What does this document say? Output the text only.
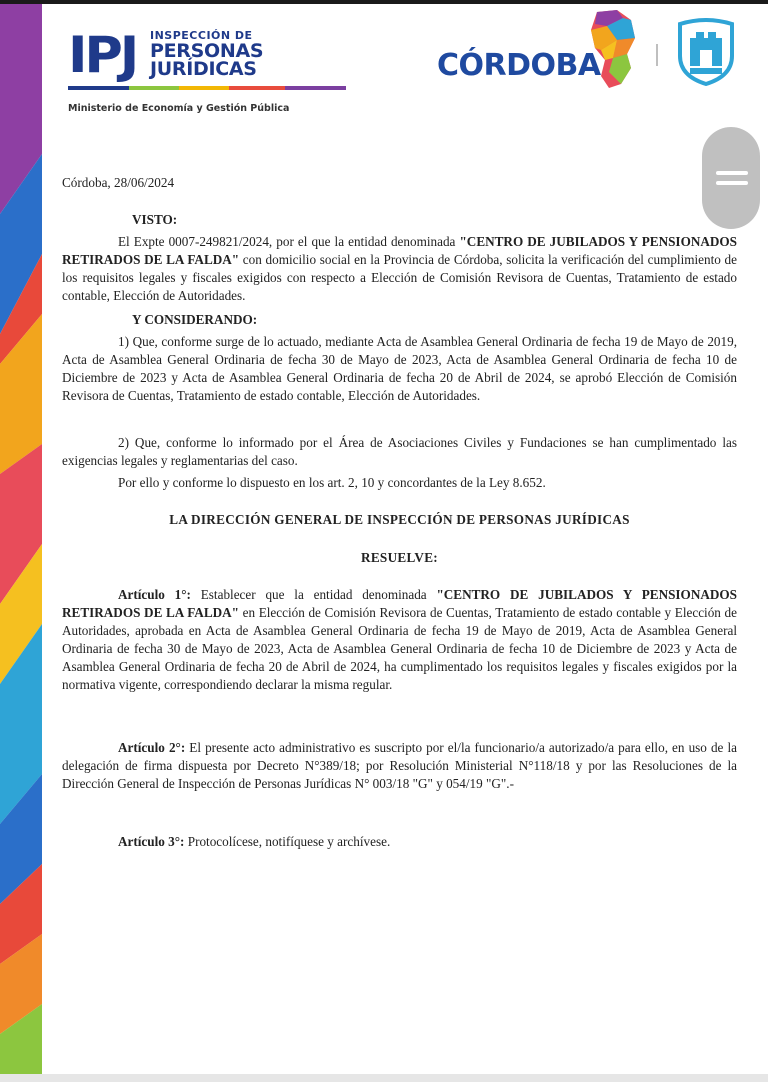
IPJ INSPECCIÓN DE
PERSONAS
JURÍDICAS
Ministerio de Economía y Gestión Pública
CÓRDOBA
Córdoba, 28/06/2024
VISTO:
El Expte 0007-249821/2024, por el que la entidad denominada "CENTRO DE JUBILADOS Y PENSIONADOS RETIRADOS DE LA FALDA" con domicilio social en la Provincia de Córdoba, solicita la verificación del cumplimiento de los requisitos legales y fiscales exigidos con respecto a Elección de Comisión Revisora de Cuentas, Tratamiento de estado contable, Elección de Autoridades.
Y CONSIDERANDO:
1) Que, conforme surge de lo actuado, mediante Acta de Asamblea General Ordinaria de fecha 19 de Mayo de 2019, Acta de Asamblea General Ordinaria de fecha 30 de Mayo de 2023, Acta de Asamblea General Ordinaria de fecha 10 de Diciembre de 2023 y Acta de Asamblea General Ordinaria de fecha 20 de Abril de 2024, se aprobó Elección de Comisión Revisora de Cuentas, Tratamiento de estado contable, Elección de Autoridades.
2) Que, conforme lo informado por el Área de Asociaciones Civiles y Fundaciones se han cumplimentado las exigencias legales y reglamentarias del caso.
Por ello y conforme lo dispuesto en los art. 2, 10 y concordantes de la Ley 8.652.
LA DIRECCIÓN GENERAL DE INSPECCIÓN DE PERSONAS JURÍDICAS
RESUELVE:
Artículo 1°: Establecer que la entidad denominada "CENTRO DE JUBILADOS Y PENSIONADOS RETIRADOS DE LA FALDA" en Elección de Comisión Revisora de Cuentas, Tratamiento de estado contable y Elección de Autoridades, aprobada en Acta de Asamblea General Ordinaria de fecha 19 de Mayo de 2019, Acta de Asamblea General Ordinaria de fecha 30 de Mayo de 2023, Acta de Asamblea General Ordinaria de fecha 10 de Diciembre de 2023 y Acta de Asamblea General Ordinaria de fecha 20 de Abril de 2024, ha cumplimentado los requisitos legales y fiscales exigidos por la normativa vigente, correspondiendo declarar la misma regular.
Artículo 2°: El presente acto administrativo es suscripto por el/la funcionario/a autorizado/a para ello, en uso de la delegación de firma dispuesta por Decreto N°389/18; por Resolución Ministerial N°118/18 y por las Resoluciones de la Dirección General de Inspección de Personas Jurídicas N° 003/18 "G" y 054/19 "G".-
Artículo 3°: Protocolícese, notifíquese y archívese.
